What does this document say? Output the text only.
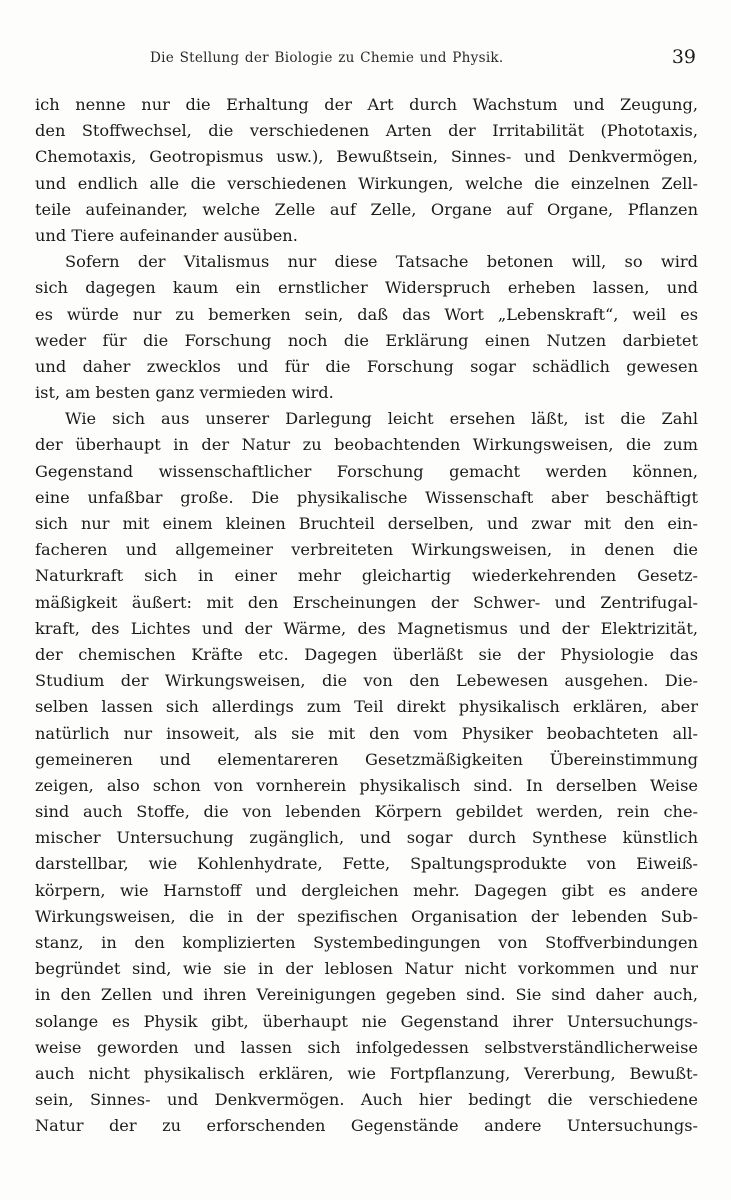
Die Stellung der Biologie zu Chemie und Physik.	39
ich nenne nur die Erhaltung der Art durch Wachstum und Zeugung,
den Stoffwechsel, die verschiedenen Arten der Irritabilität (Phototaxis,
Chemotaxis, Geotropismus usw.), Bewußtsein, Sinnes- und Denkvermögen,
und endlich alle die verschiedenen Wirkungen, welche die einzelnen Zell-
teile aufeinander, welche Zelle auf Zelle, Organe auf Organe, Pflanzen
und Tiere aufeinander ausüben.
Sofern der Vitalismus nur diese Tatsache betonen will, so wird
sich dagegen kaum ein ernstlicher Widerspruch erheben lassen, und
es würde nur zu bemerken sein, daß das Wort „Lebenskraft“, weil es
weder für die Forschung noch die Erklärung einen Nutzen darbietet
und daher zwecklos und für die Forschung sogar schädlich gewesen
ist, am besten ganz vermieden wird.
Wie sich aus unserer Darlegung leicht ersehen läßt, ist die Zahl
der überhaupt in der Natur zu beobachtenden Wirkungsweisen, die zum
Gegenstand wissenschaftlicher Forschung gemacht werden können,
eine unfaßbar große. Die physikalische Wissenschaft aber beschäftigt
sich nur mit einem kleinen Bruchteil derselben, und zwar mit den ein-
facheren und allgemeiner verbreiteten Wirkungsweisen, in denen die
Naturkraft sich in einer mehr gleichartig wiederkehrenden Gesetz-
mäßigkeit äußert: mit den Erscheinungen der Schwer- und Zentrifugal-
kraft, des Lichtes und der Wärme, des Magnetismus und der Elektrizität,
der chemischen Kräfte etc. Dagegen überläßt sie der Physiologie das
Studium der Wirkungsweisen, die von den Lebewesen ausgehen. Die-
selben lassen sich allerdings zum Teil direkt physikalisch erklären, aber
natürlich nur insoweit, als sie mit den vom Physiker beobachteten all-
gemeineren und elementareren Gesetzmäßigkeiten Übereinstimmung
zeigen, also schon von vornherein physikalisch sind. In derselben Weise
sind auch Stoffe, die von lebenden Körpern gebildet werden, rein che-
mischer Untersuchung zugänglich, und sogar durch Synthese künstlich
darstellbar, wie Kohlenhydrate, Fette, Spaltungsprodukte von Eiweiß-
körpern, wie Harnstoff und dergleichen mehr. Dagegen gibt es andere
Wirkungsweisen, die in der spezifischen Organisation der lebenden Sub-
stanz, in den komplizierten Systembedingungen von Stoffverbindungen
begründet sind, wie sie in der leblosen Natur nicht vorkommen und nur
in den Zellen und ihren Vereinigungen gegeben sind. Sie sind daher auch,
solange es Physik gibt, überhaupt nie Gegenstand ihrer Untersuchungs-
weise geworden und lassen sich infolgedessen selbstverständlicherweise
auch nicht physikalisch erklären, wie Fortpflanzung, Vererbung, Bewußt-
sein, Sinnes- und Denkvermögen. Auch hier bedingt die verschiedene
Natur der zu erforschenden Gegenstände andere Untersuchungs-
